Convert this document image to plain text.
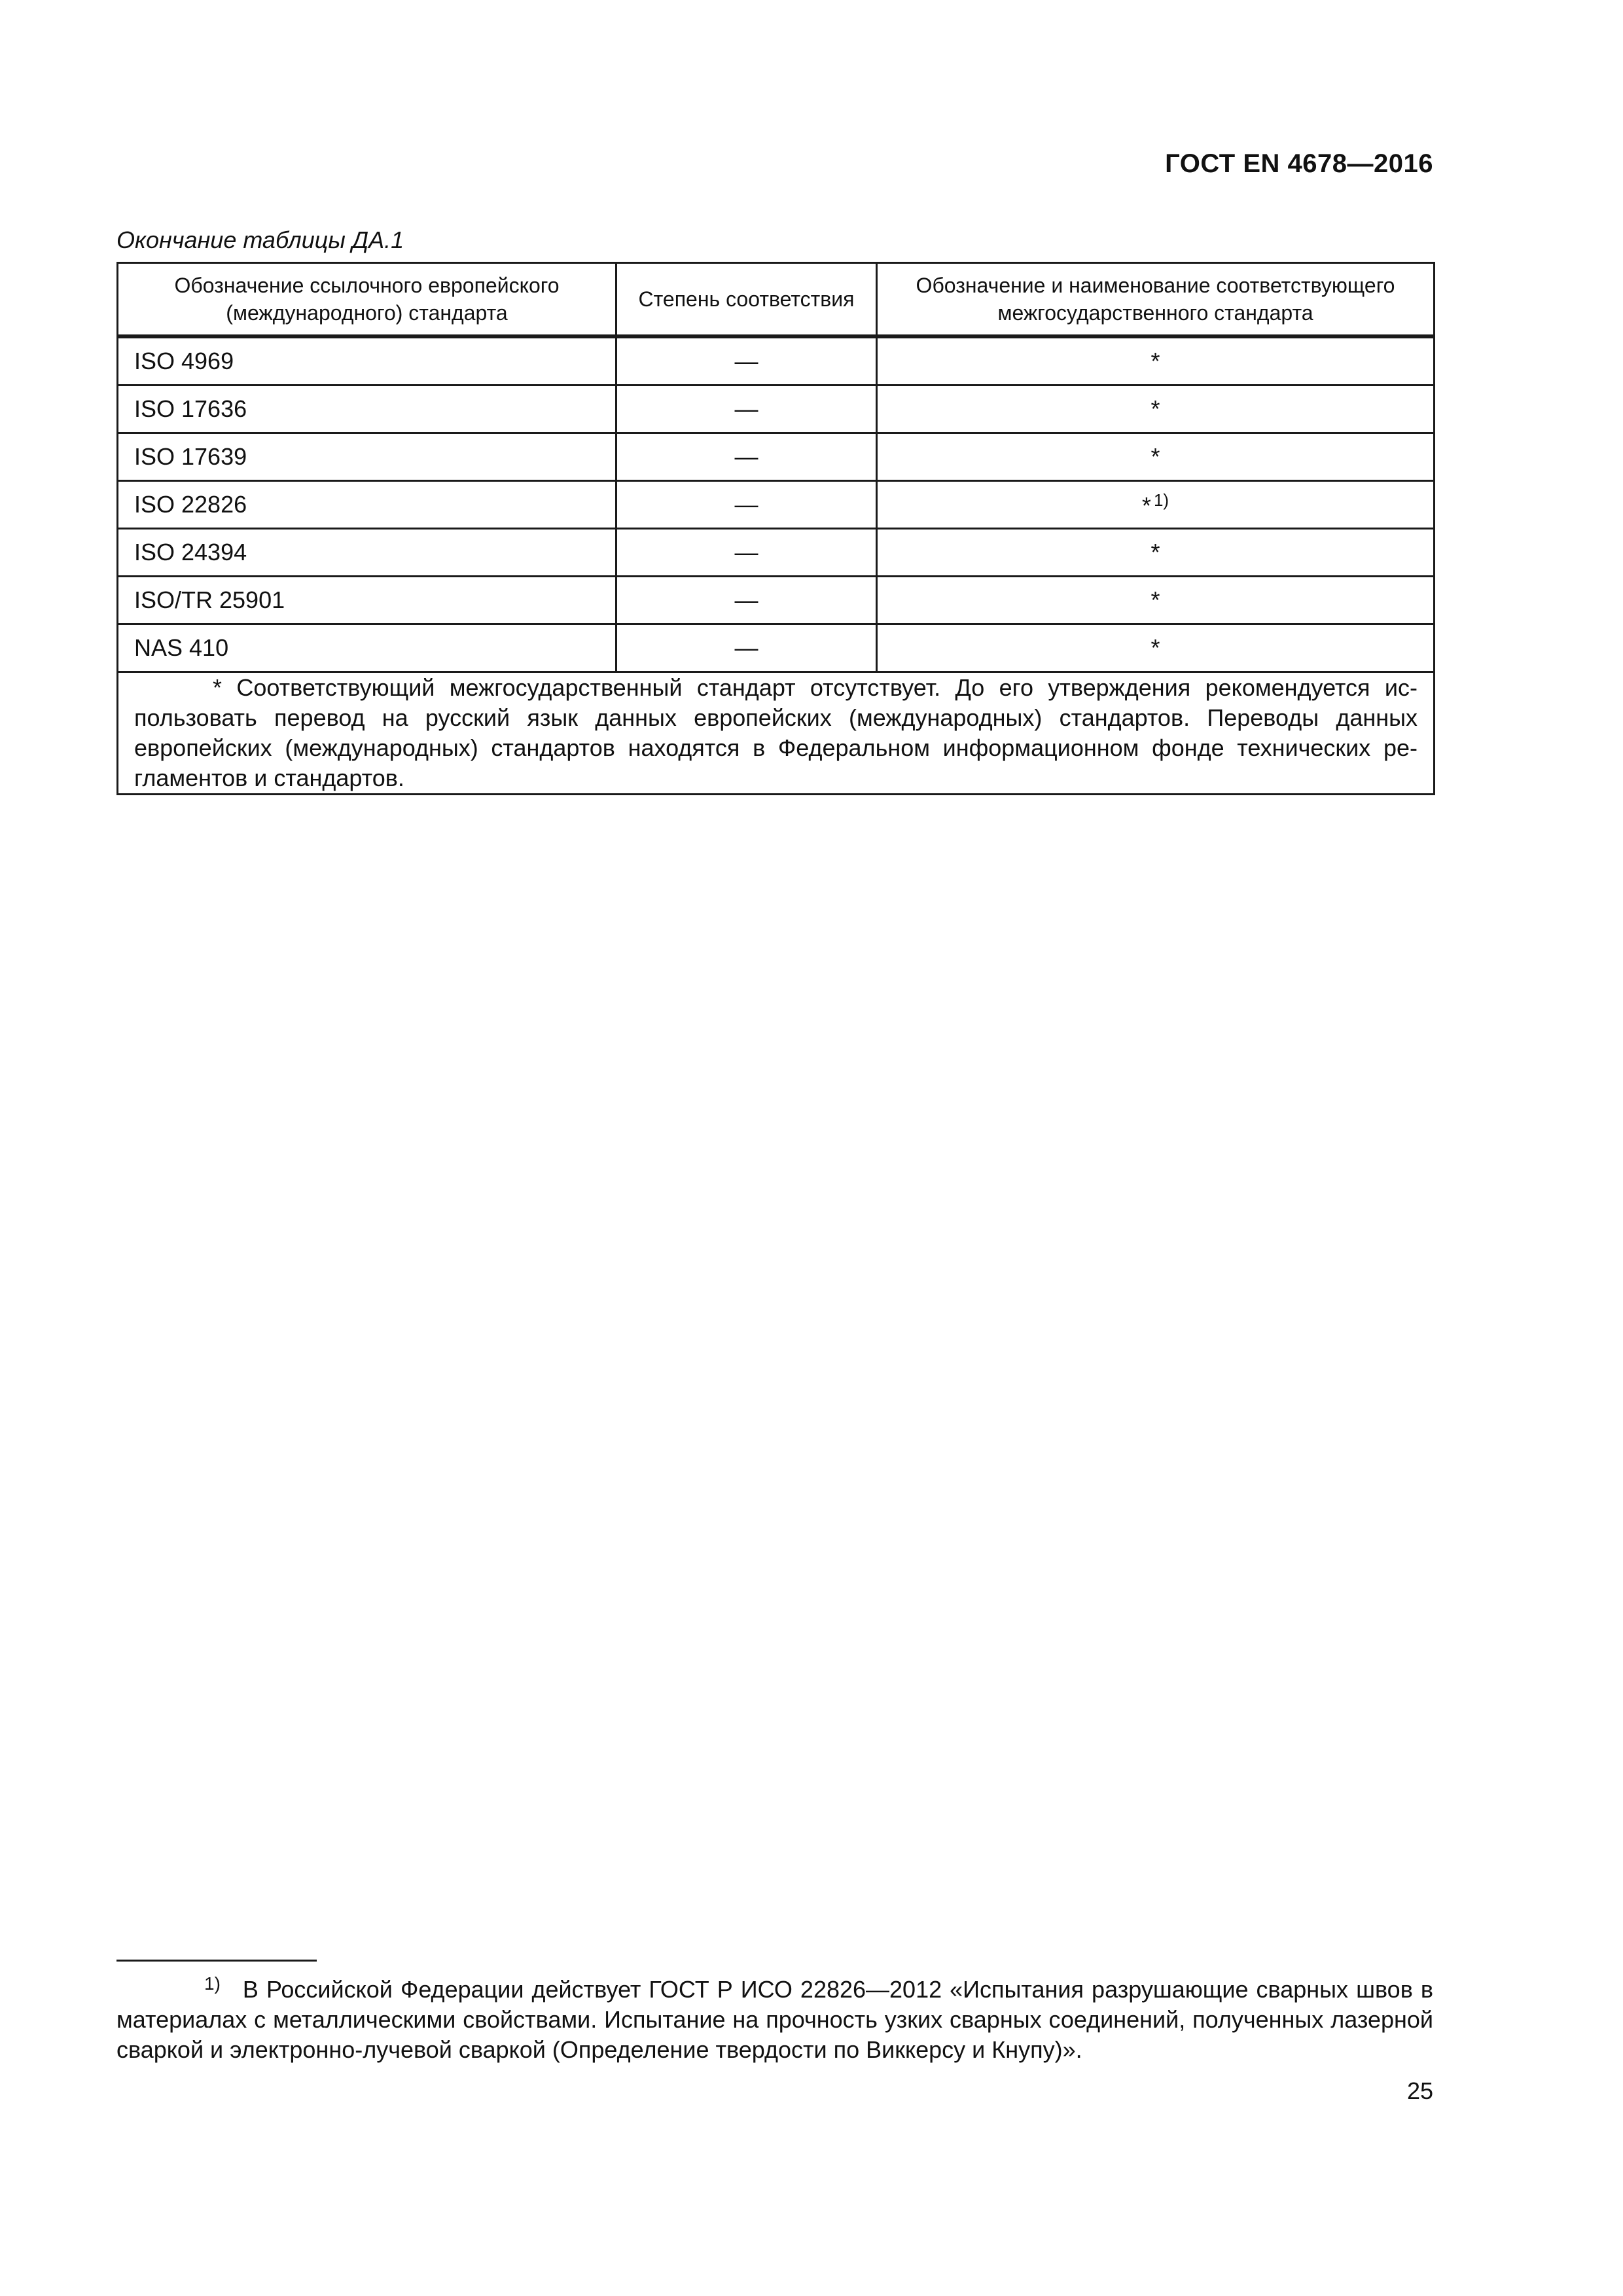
ГОСТ EN 4678—2016
Окончание таблицы ДА.1
Обозначение ссылочного европейского (международного) стандарта	Степень соответствия	Обозначение и наименование соответствующего межгосударственного стандарта
ISO 4969	—	*
ISO 17636	—	*
ISO 17639	—	*
ISO 22826	—	* $^{1)}$
ISO 24394	—	*
ISO/TR 25901	—	*
NAS 410	—	*
* Соответствующий межгосударственный стандарт отсутствует. До его утверждения рекомендуется использовать перевод на русский язык данных европейских (международных) стандартов. Переводы данных европейских (международных) стандартов находятся в Федеральном информационном фонде технических регламентов и стандартов.		
$^{1)}$ В Российской Федерации действует ГОСТ Р ИСО 22826—2012 «Испытания разрушающие сварных швов в материалах с металлическими свойствами. Испытание на прочность узких сварных соединений, полученных лазерной сваркой и электронно-лучевой сваркой (Определение твердости по Виккерсу и Кнупу)».
25
